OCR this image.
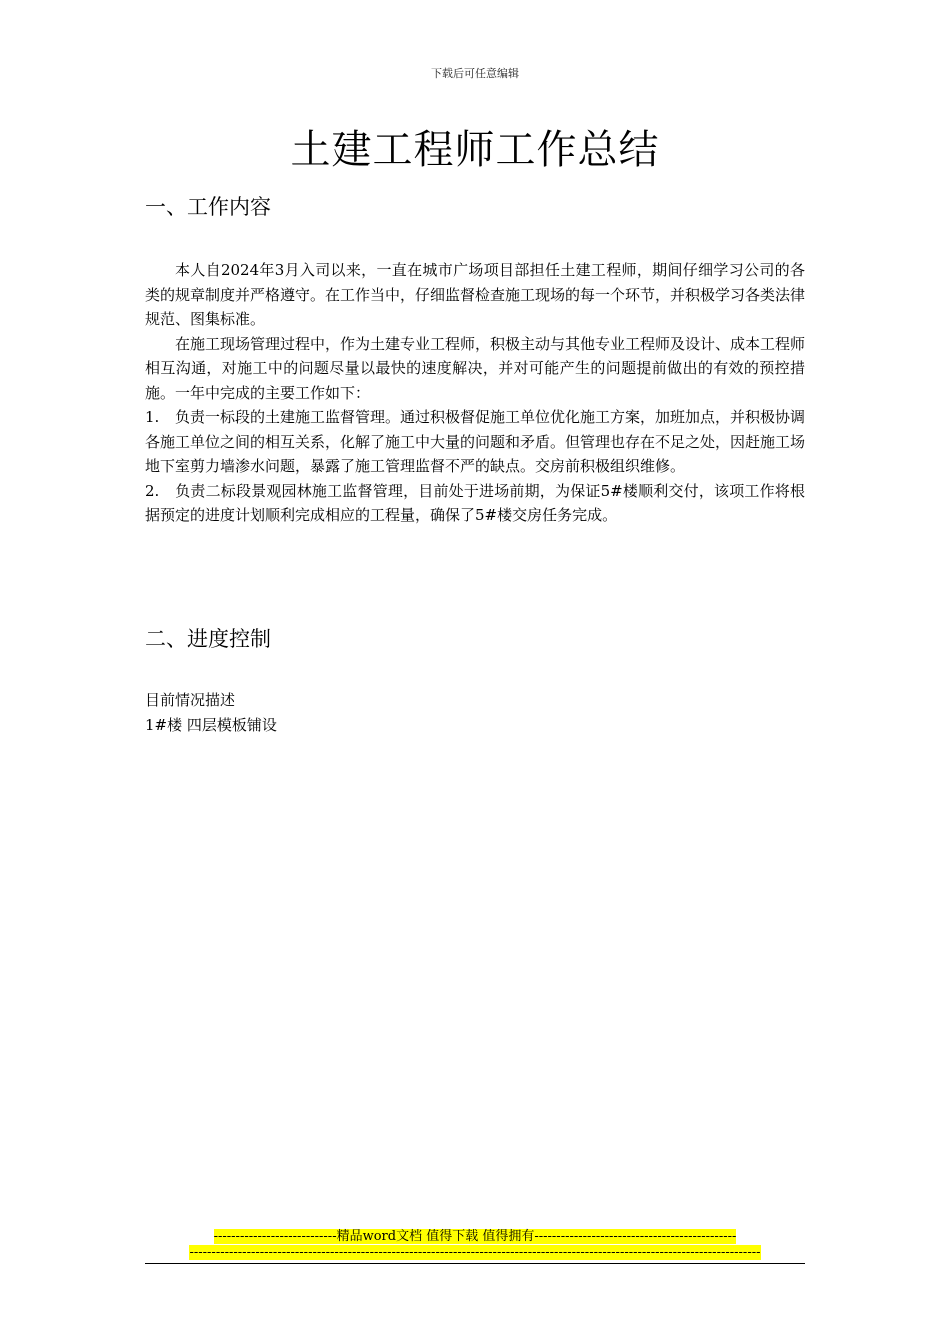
下载后可任意编辑
土建工程师工作总结
一、工作内容

本人自2024年3月入司以来，一直在城市广场项目部担任土建工程师，期间仔细学习公司的各类的规章制度并严格遵守。在工作当中，仔细监督检查施工现场的每一个环节，并积极学习各类法律规范、图集标准。

在施工现场管理过程中，作为土建专业工程师，积极主动与其他专业工程师及设计、成本工程师相互沟通，对施工中的问题尽量以最快的速度解决，并对可能产生的问题提前做出的有效的预控措施。一年中完成的主要工作如下：

1. 负责一标段的土建施工监督管理。通过积极督促施工单位优化施工方案，加班加点，并积极协调各施工单位之间的相互关系，化解了施工中大量的问题和矛盾。但管理也存在不足之处，因赶施工场地下室剪力墙渗水问题，暴露了施工管理监督不严的缺点。交房前积极组织维修。

2. 负责二标段景观园林施工监督管理，目前处于进场前期，为保证5#楼顺利交付，该项工作将根据预定的进度计划顺利完成相应的工程量，确保了5#楼交房任务完成。

二、进度控制

目前情况描述

1#楼 四层模板铺设

----------------------------精品word文档 值得下载 值得拥有----------------------------------------------
----------------------------------------------------------------------------------------------------------------------------------
